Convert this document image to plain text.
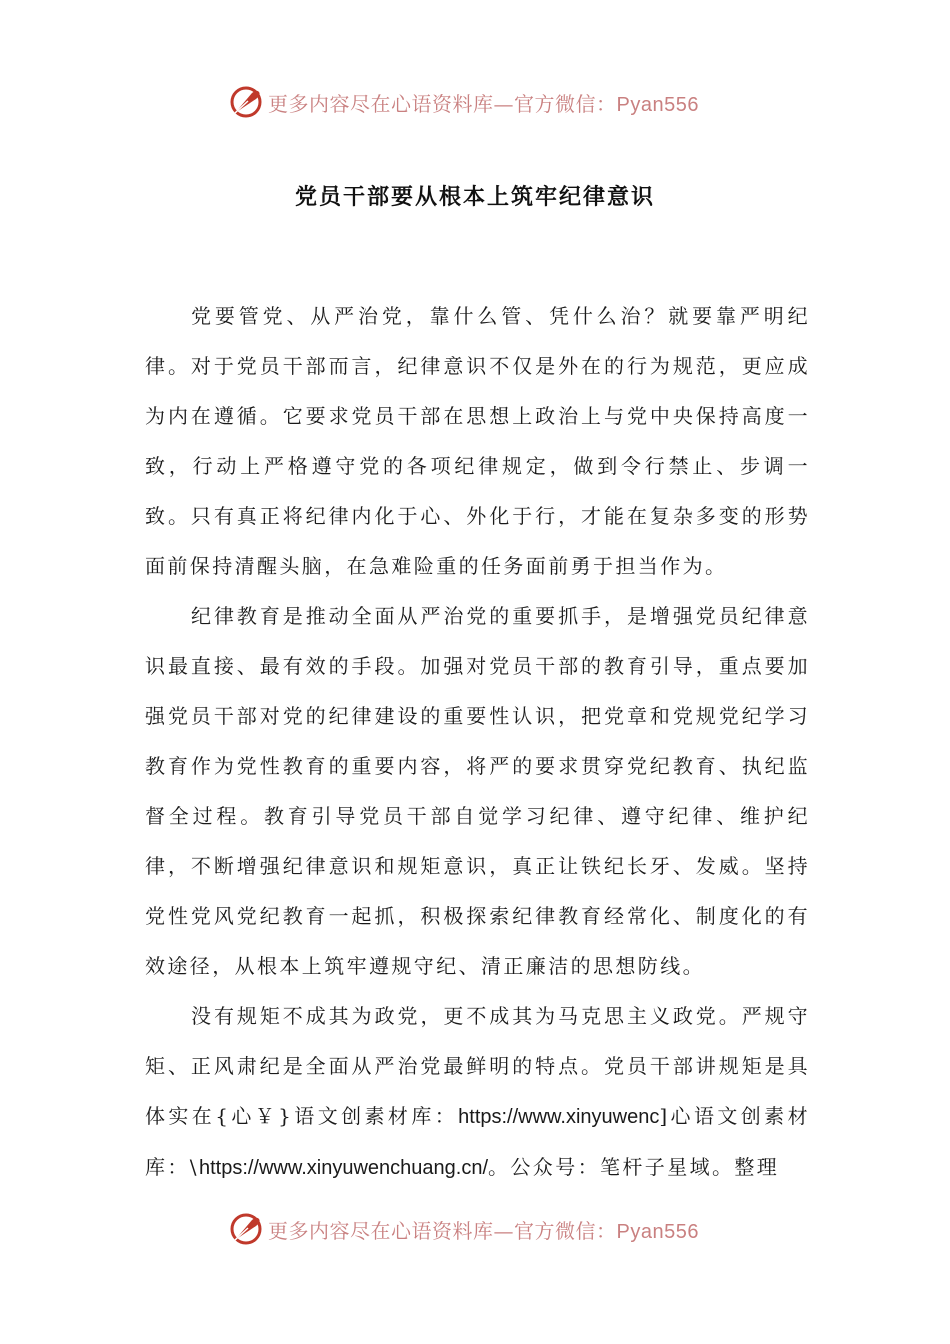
更多内容尽在心语资料库—官方微信：Pyan556
党员干部要从根本上筑牢纪律意识

党要管党、从严治党，靠什么管、凭什么治？就要靠严明纪律。对于党员干部而言，纪律意识不仅是外在的行为规范，更应成为内在遵循。它要求党员干部在思想上政治上与党中央保持高度一致，行动上严格遵守党的各项纪律规定，做到令行禁止、步调一致。只有真正将纪律内化于心、外化于行，才能在复杂多变的形势面前保持清醒头脑，在急难险重的任务面前勇于担当作为。

纪律教育是推动全面从严治党的重要抓手，是增强党员纪律意识最直接、最有效的手段。加强对党员干部的教育引导，重点要加强党员干部对党的纪律建设的重要性认识，把党章和党规党纪学习教育作为党性教育的重要内容，将严的要求贯穿党纪教育、执纪监督全过程。教育引导党员干部自觉学习纪律、遵守纪律、维护纪律，不断增强纪律意识和规矩意识，真正让铁纪长牙、发威。坚持党性党风党纪教育一起抓，积极探索纪律教育经常化、制度化的有效途径，从根本上筑牢遵规守纪、清正廉洁的思想防线。

没有规矩不成其为政党，更不成其为马克思主义政党。严规守矩、正风肃纪是全面从严治党最鲜明的特点。党员干部讲规矩是具体实在{心￥}语文创素材库：https://www.xinyuwenc]心语文创素材库：\https://www.xinyuwenchuang.cn/。公众号：笔杆子星域。整理

更多内容尽在心语资料库—官方微信：Pyan556
